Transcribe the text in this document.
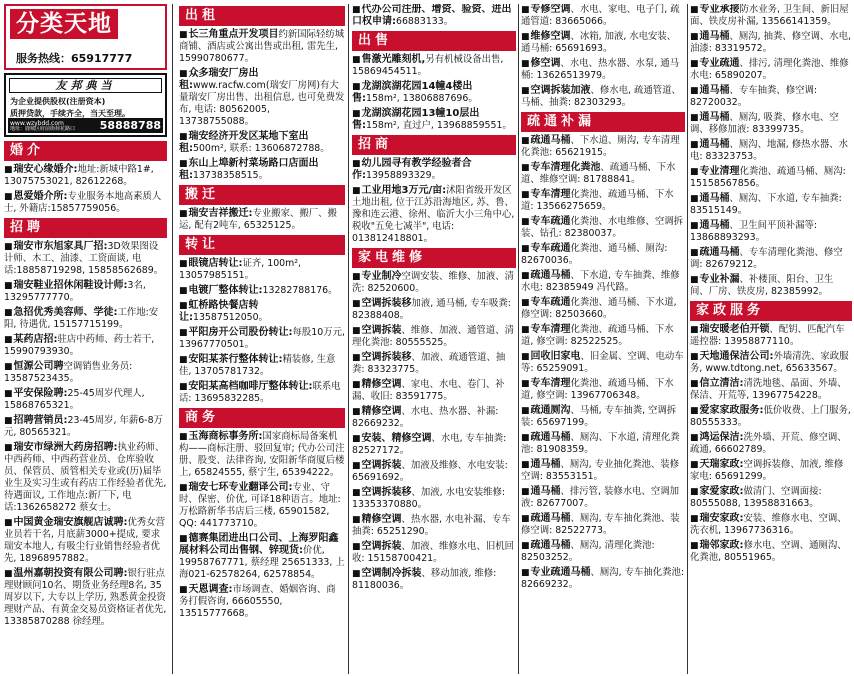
分类天地
服务热线：65917777
友邦典当
为企业提供股权(注册资本)
质押贷款，手续齐全，当天至理。
www.wzybdd.com
地址：鹿城区府前街荷花路口 58888788
婚介
■瑞安心缘婚介:地址:新城中路1#, 13075753021, 82612268。
■恩爱婚介所:专业服务本地高素质人士, 外籍店:15857759056。
招聘
■瑞安市东旭家具厂招:3D效果图设计师、木工、油漆、工资面谈, 电话:18858719298, 15858562689。
■瑞安鞋业招休闲鞋设计师:3名, 13295777770。
■急招优秀美容师、学徒:工作地:安阳, 待遇优, 15157715199。
■某药店招:驻店中药师、药士若干, 15990793930。
■恒源公司聘空调销售业务员: 13587523435。
■平安保险聘:25-45周岁代理人, 15868765321。
■招聘营销员:23-45周岁, 年薪6-8万元, 80565321。
■瑞安市绿洲大药房招聘:执业药师、中西药师、中西药营业员、仓库验收员、保管员、质管相关专业或(历)届毕业生及实习生或有药店工作经验者优先, 待遇面议, 工作地点:新厂下, 电话:1362658272 蔡女士。
■中国黄金瑞安旗舰店诚聘:优秀女营业员若干名, 月底薪3000+提成, 要求瑞安本地人, 有吸尘行业销售经验者优先, 18968957882。
■温州嘉朝投资有限公司聘:银行驻点理财顾问10名、期货业务经理8名, 35周岁以下, 大专以上学历, 熟悉黄金投资理财产品、有黄金交易员资格证者优先, 13385870288 徐经理。
出租
■长三角重点开发项目约新国际轻纺城商铺、酒店或公寓出售或出租, 雷先生, 15990780677。
■众多瑞安厂房出租:www.racfw.com(瑞安厂房网)有大量瑞安厂房出售、出租信息, 也可免费发布, 电话: 80562005, 13738755088。
■瑞安经济开发区某地下室出租:500m², 联系: 13606872788。
■东山上埠新村菜场路口店面出租:13738358515。
搬迁
■瑞安吉祥搬迁:专业搬家、搬厂、搬运, 配有2吨车, 65325125。
转让
■眼镜店转让:证齐, 100m², 13057985151。
■电镀厂整体转让:13282788176。
■虹桥路快餐店转让:13587512050。
■平阳房开公司股份转让:每股10万元, 13967770501。
■安阳某茶行整体转让:精装修, 生意佳, 13705781732。
■安阳某高档咖啡厅整体转让:联系电话: 13695832285。
商务
■玉海商标事务所:国家商标局备案机构——商标注册、驳回复审; 代办公司注册、股变、法律咨询, 安阳新华商厦后楼上, 65824555, 蔡宁生, 65394222。
■瑞安七环专业翻译公司:专业、守时、保密、价优, 可译18种语言。地址: 万松路新华书店后三楼, 65901582, QQ: 441773710。
■德赛集团进出口公司、上海罗阳鑫展材料公司出售钢、锌现货:价优, 19958767771, 蔡经理 25651333, 上海021-62578264, 62578854。
■天恩调查:市场调查、婚姻咨询、商务打假咨询, 66605550, 13515777668。
■代办公司注册、增资、验资、进出口权申请:66883133。
出售
■售激光雕刻机,另有机械设备出售, 15869454511。
■龙湖滨湖花园14幢4楼出售:158m², 13806887696。
■龙湖滨湖花园13幢10层出售:158m², 直过户, 13968859551。
招商
■幼儿园寻有教学经验者合作:13958893329。
■工业用地3万元/亩:沭阳省级开发区土地出租, 位于江苏沿海地区, 苏、鲁、豫和连云港、徐州、临沂大小三角中心, 税收"五免七减半", 电话: 013812418801。
家电维修
■专业制冷空调安装、维修、加液、清洗: 82520600。
■空调拆装移加液, 通马桶, 专车吸粪: 82388408。
■空调拆装、维修、加液、通管道、清理化粪池: 80555525。
■空调拆装移、加液、疏通管道、抽粪: 83323775。
■精修空调、家电、水电、卷门、补漏、收旧: 83591775。
■精修空调、水电、热水器、补漏: 82669232。
■安装、精修空调、水电, 专车抽粪: 82527172。
■空调拆装、加液及维修、水电安装: 65691692。
■空调拆装移、加液, 水电安装维修: 13353370880。
■精修空调、热水器, 水电补漏、专车抽粪: 65251290。
■空调拆装、加液、维修水电、旧机回收: 15158700421。
■空调制冷拆装、移动加液, 维修: 81180036。
■专修空调、水电、家电、电子门, 疏通管道: 83665066。
■维修空调、冰箱, 加液, 水电安装、通马桶: 65691693。
■修空调、水电、热水器、水泵, 通马桶: 13626513979。
■空调拆装加液、修水电, 疏通管道、马桶、抽粪: 82303293。
疏通补漏
■疏通马桶、下水道、厕沟, 专车清理化粪池: 65621915。
■专车清理化粪池、疏通马桶、下水道、维修空调: 81788841。
■专车清理化粪池、疏通马桶、下水道: 13566275659。
■专车疏通化粪池、水电维修、空调拆装、钻孔: 82380037。
■专车疏通化粪池、通马桶、厕沟: 82670036。
■疏通马桶、下水道, 专车抽粪、维修水电: 82385949 冯代路。
■专车疏通化粪池、通马桶、下水道, 修空调: 82503660。
■专车清理化粪池、疏通马桶、下水道, 修空调: 82522525。
■回收旧家电、旧金属、空调、电动车等: 65259091。
■专车清理化粪池、疏通马桶、下水道, 修空调: 13967706348。
■疏通厕沟、马桶, 专车抽粪, 空调拆装: 65697199。
■疏通马桶、厕沟、下水道, 清理化粪池: 81908359。
■通马桶、厕沟, 专业抽化粪池、装修空调: 83553151。
■通马桶、排污管, 装修水电、空调加液: 82677007。
■疏通马桶、厕沟, 专车抽化粪池、装修空调: 82522773。
■疏通马桶、厕沟, 清理化粪池: 82503252。
■专业疏通马桶、厕沟, 专车抽化粪池: 82669232。
■专业承接防水业务, 卫生间、新旧屋面、铁皮房补漏, 13566141359。
■通马桶、厕沟, 抽粪、修空调、水电, 油漆: 83319572。
■专业疏通、排污, 清理化粪池、维修水电: 65890207。
■通马桶、专车抽粪、修空调: 82720032。
■通马桶、厕沟, 吸粪、修水电、空调、移修加液: 83399735。
■通马桶、厕沟、地漏, 修热水器、水电: 83323753。
■专业清理化粪池、疏通马桶、厕沟: 15158567856。
■通马桶、厕沟、下水道, 专车抽粪: 83515149。
■通马桶、卫生间平顶补漏等: 13868893293。
■疏通马桶、专车清理化粪池、修空调: 82679212。
■专业补漏、补楼顶、阳台、卫生间、厂房、铁皮房, 82385992。
家政服务
■瑞安暖老伯开锁、配钥、匹配汽车遥控器: 13958877110。
■天地通保洁公司:外墙清洗、家政服务, www.tdtong.net, 65633567。
■信立清洁:清洗地毯、晶面、外墙、保洁、开荒等, 13967754228。
■爱家家政服务:低价收费、上门服务, 80555333。
■鸿运保洁:洗外墙、开荒、修空调、疏通, 66602789。
■天瑞家政:空调拆装修、加液, 维修家电: 65691299。
■家爱家政:做清门、空调面接: 80555088, 13958831663。
■瑞安家政:安装、维修水电、空调、洗衣机, 13967736316。
■瑞邻家政:修水电、空调、通厕沟、化粪池, 80551965。
